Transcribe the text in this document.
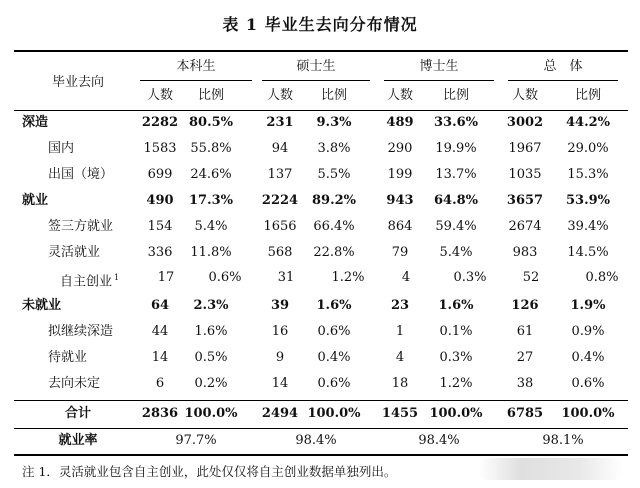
表 1 毕业生去向分布情况
毕业去向
本科生	硕士生	博士生	总　体
人数	比例	人数	比例	人数	比例	人数	比例
深造	2282 80.5%	231	9.3%	489	33.6%	3002	44.2%
国内	1583	55.8%	94	3.8%	290	19.9%	1967	29.0%
出国（境）	699	24.6%	137	5.5%	199	13.7%	1035	15.3%
就业	490	17.3%	2224	89.2%	943	64.8%	3657	53.9%
签三方就业	154	5.4%	1656	66.4%	864	59.4%	2674	39.4%
灵活就业	336	11.8%	568	22.8%	79	5.4%	983	14.5%
自主创业 $^1$	17	0.6%	31	1.2%	4	0.3%	52	0.8%
未就业	64	2.3%	39	1.6%	23	1.6%	126	1.9%
拟继续深造	44	1.6%	16	0.6%	1	0.1%	61	0.9%
待就业	14	0.5%	9	0.4%	4	0.3%	27	0.4%
去向未定	6	0.2%	14	0.6%	18	1.2%	38	0.6%
合计	2836 100.0%	2494 100.0%	1455 100.0%	6785	100.0%
就业率	97.7%	98.4%	98.4%	98.1%
注 1．灵活就业包含自主创业，此处仅仅将自主创业数据单独列出。
